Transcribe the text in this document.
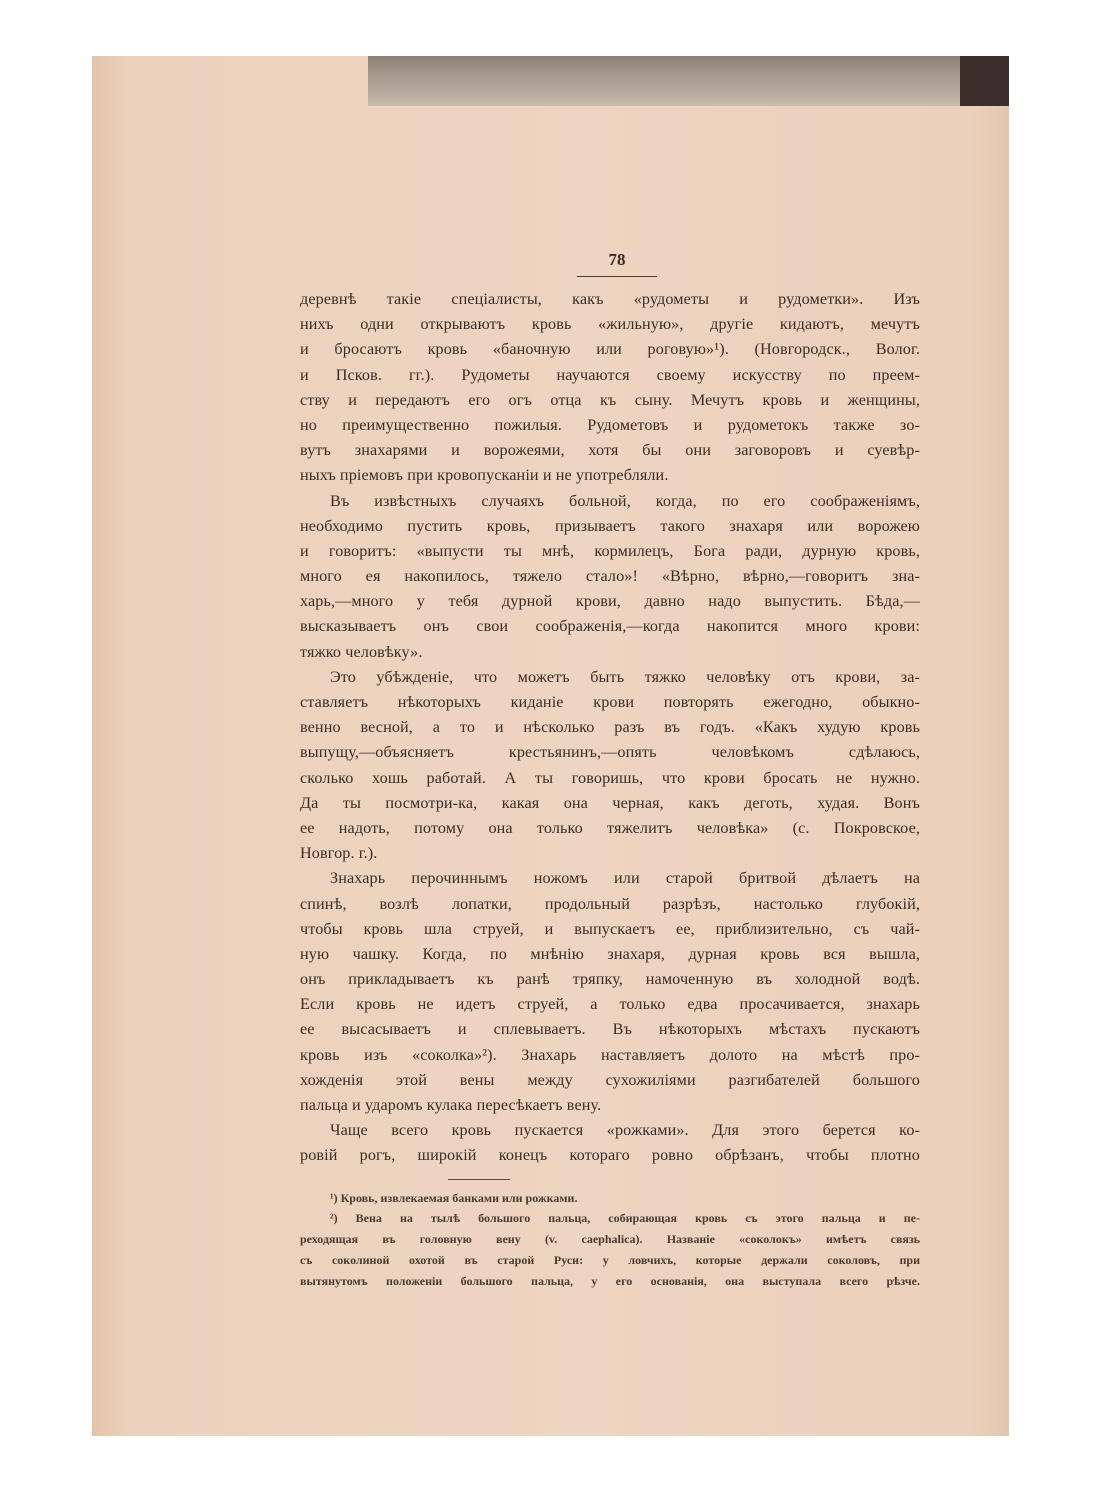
78
деревнѣ такіе спеціалисты, какъ «рудометы и рудометки». Изъ
нихъ одни открываютъ кровь «жильную», другіе кидаютъ, мечутъ
и бросаютъ кровь «баночную или роговую»¹). (Новгородск., Волог.
и Псков. гг.). Рудометы научаются своему искусству по преем-
ству и передаютъ его огъ отца къ сыну. Мечутъ кровь и женщины,
но преимущественно пожилыя. Рудометовъ и рудометокъ также зо-
вутъ знахарями и ворожеями, хотя бы они заговоровъ и суевѣр-
ныхъ пріемовъ при кровопусканіи и не употребляли.
Въ извѣстныхъ случаяхъ больной, когда, по его соображеніямъ,
необходимо пустить кровь, призываетъ такого знахаря или ворожею
и говоритъ: «выпусти ты мнѣ, кормилецъ, Бога ради, дурную кровь,
много ея накопилось, тяжело стало»! «Вѣрно, вѣрно,—говоритъ зна-
харь,—много у тебя дурной крови, давно надо выпустить. Бѣда,—
высказываетъ онъ свои соображенія,—когда накопится много крови:
тяжко человѣку».
Это убѣжденіе, что можетъ быть тяжко человѣку отъ крови, за-
ставляетъ нѣкоторыхъ киданіе крови повторять ежегодно, обыкно-
венно весной, а то и нѣсколько разъ въ годъ. «Какъ худую кровь
выпущу,—объясняетъ крестьянинъ,—опять человѣкомъ сдѣлаюсь,
сколько хошь работай. А ты говоришь, что крови бросать не нужно.
Да ты посмотри-ка, какая она черная, какъ деготь, худая. Вонъ
ее надоть, потому она только тяжелитъ человѣка» (с. Покровское,
Новгор. г.).
Знахарь перочиннымъ ножомъ или старой бритвой дѣлаетъ на
спинѣ, возлѣ лопатки, продольный разрѣзъ, настолько глубокій,
чтобы кровь шла струей, и выпускаетъ ее, приблизительно, съ чай-
ную чашку. Когда, по мнѣнію знахаря, дурная кровь вся вышла,
онъ прикладываетъ къ ранѣ тряпку, намоченную въ холодной водѣ.
Если кровь не идетъ струей, а только едва просачивается, знахарь
ее высасываетъ и сплевываетъ. Въ нѣкоторыхъ мѣстахъ пускаютъ
кровь изъ «соколка»²). Знахарь наставляетъ долото на мѣстѣ про-
хожденія этой вены между сухожиліями разгибателей большого
пальца и ударомъ кулака пересѣкаетъ вену.
Чаще всего кровь пускается «рожками». Для этого берется ко-
ровій рогъ, широкій конецъ котораго ровно обрѣзанъ, чтобы плотно
¹) Кровь, извлекаемая банками или рожками.
²) Вена на тылѣ большого пальца, собирающая кровь съ этого пальца и пе-
реходящая въ головную вену (v. caephalica). Названіе «соколокъ» имѣетъ связь
съ соколиной охотой въ старой Руси: у ловчихъ, которые держали соколовъ, при
вытянутомъ положеніи большого пальца, у его основанія, она выступала всего рѣзче.
